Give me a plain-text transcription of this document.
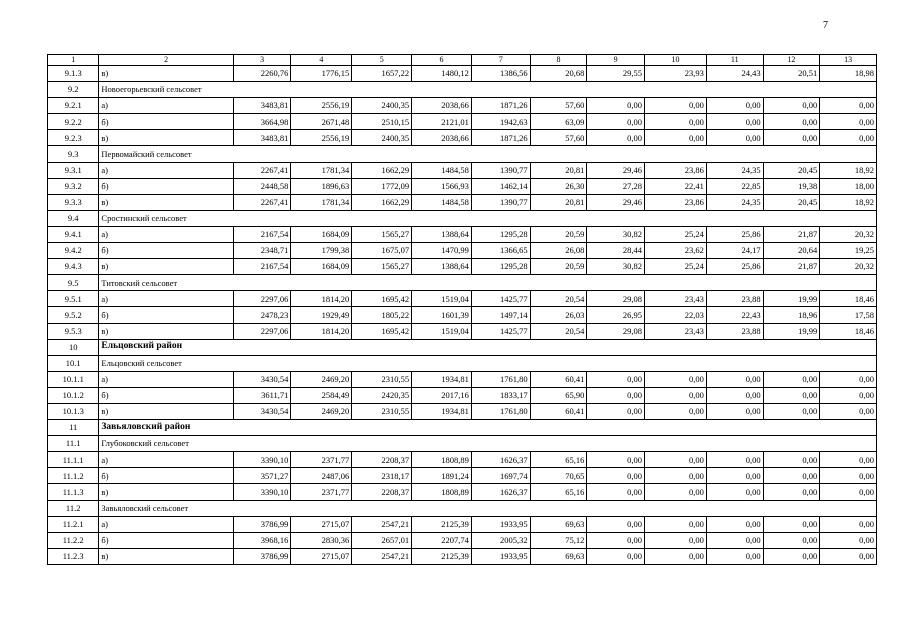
7
1	2	3	4	5	6	7	8	9	10	11	12	13
9.1.3	в)	2260,76	1776,15	1657,22	1480,12	1386,56	20,68	29,55	23,93	24,43	20,51	18,98
9.2	Новоегорьевский сельсовет											
9.2.1	а)	3483,81	2556,19	2400,35	2038,66	1871,26	57,60	0,00	0,00	0,00	0,00	0,00
9.2.2	б)	3664,98	2671,48	2510,15	2121,01	1942,63	63,09	0,00	0,00	0,00	0,00	0,00
9.2.3	в)	3483,81	2556,19	2400,35	2038,66	1871,26	57,60	0,00	0,00	0,00	0,00	0,00
9.3	Первомайский сельсовет											
9.3.1	а)	2267,41	1781,34	1662,29	1484,58	1390,77	20,81	29,46	23,86	24,35	20,45	18,92
9.3.2	б)	2448,58	1896,63	1772,09	1566,93	1462,14	26,30	27,28	22,41	22,85	19,38	18,00
9.3.3	в)	2267,41	1781,34	1662,29	1484,58	1390,77	20,81	29,46	23,86	24,35	20,45	18,92
9.4	Сростинский сельсовет											
9.4.1	а)	2167,54	1684,09	1565,27	1388,64	1295,28	20,59	30,82	25,24	25,86	21,87	20,32
9.4.2	б)	2348,71	1799,38	1675,07	1470,99	1366,65	26,08	28,44	23,62	24,17	20,64	19,25
9.4.3	в)	2167,54	1684,09	1565,27	1388,64	1295,28	20,59	30,82	25,24	25,86	21,87	20,32
9.5	Титовский сельсовет											
9.5.1	а)	2297,06	1814,20	1695,42	1519,04	1425,77	20,54	29,08	23,43	23,88	19,99	18,46
9.5.2	б)	2478,23	1929,49	1805,22	1601,39	1497,14	26,03	26,95	22,03	22,43	18,96	17,58
9.5.3	в)	2297,06	1814,20	1695,42	1519,04	1425,77	20,54	29,08	23,43	23,88	19,99	18,46
10	Ельцовский район											
10.1	Ельцовский сельсовет											
10.1.1	а)	3430,54	2469,20	2310,55	1934,81	1761,80	60,41	0,00	0,00	0,00	0,00	0,00
10.1.2	б)	3611,71	2584,49	2420,35	2017,16	1833,17	65,90	0,00	0,00	0,00	0,00	0,00
10.1.3	в)	3430,54	2469,20	2310,55	1934,81	1761,80	60,41	0,00	0,00	0,00	0,00	0,00
11	Завьяловский район											
11.1	Глубоковский сельсовет											
11.1.1	а)	3390,10	2371,77	2208,37	1808,89	1626,37	65,16	0,00	0,00	0,00	0,00	0,00
11.1.2	б)	3571,27	2487,06	2318,17	1891,24	1697,74	70,65	0,00	0,00	0,00	0,00	0,00
11.1.3	в)	3390,10	2371,77	2208,37	1808,89	1626,37	65,16	0,00	0,00	0,00	0,00	0,00
11.2	Завьяловский сельсовет											
11.2.1	а)	3786,99	2715,07	2547,21	2125,39	1933,95	69,63	0,00	0,00	0,00	0,00	0,00
11.2.2	б)	3968,16	2830,36	2657,01	2207,74	2005,32	75,12	0,00	0,00	0,00	0,00	0,00
11.2.3	в)	3786,99	2715,07	2547,21	2125,39	1933,95	69,63	0,00	0,00	0,00	0,00	0,00
